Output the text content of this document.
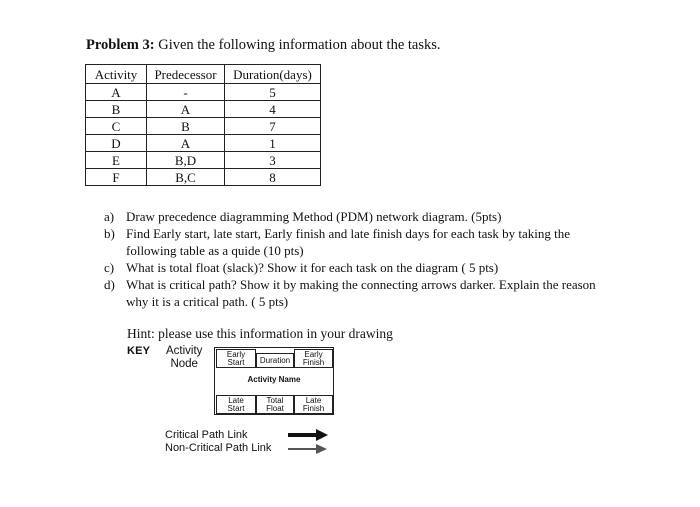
Problem 3: Given the following information about the tasks.
Activity	Predecessor	Duration(days)
A	-	5
B	A	4
C	B	7
D	A	1
E	B,D	3
F	B,C	8
a) Draw precedence diagramming Method (PDM) network diagram. (5pts)
b) Find Early start, late start, Early finish and late finish days for each task by taking the following table as a quide (10 pts)
c) What is total float (slack)? Show it for each task on the diagram ( 5 pts)
d) What is critical path? Show it by making the connecting arrows darker. Explain the reason why it is a critical path. ( 5 pts)
Hint: please use this information in your drawing
KEY Activity
Node
Early
Start Duration
Early
Finish
Activity Name
Late
Start
Total
Float
Late
Finish
Critical Path Link
Non-Critical Path Link
